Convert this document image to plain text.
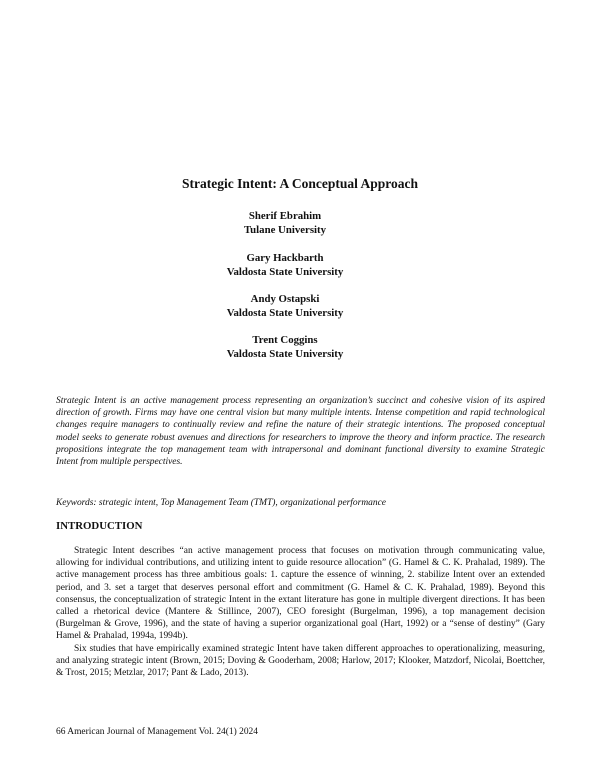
Strategic Intent: A Conceptual Approach
Sherif Ebrahim
Tulane University
Gary Hackbarth
Valdosta State University
Andy Ostapski
Valdosta State University
Trent Coggins
Valdosta State University
Strategic Intent is an active management process representing an organization’s succinct and cohesive vision of its aspired direction of growth. Firms may have one central vision but many multiple intents. Intense competition and rapid technological changes require managers to continually review and refine the nature of their strategic intentions. The proposed conceptual model seeks to generate robust avenues and directions for researchers to improve the theory and inform practice. The research propositions integrate the top management team with intrapersonal and dominant functional diversity to examine Strategic Intent from multiple perspectives.
Keywords: strategic intent, Top Management Team (TMT), organizational performance
INTRODUCTION

Strategic Intent describes “an active management process that focuses on motivation through communicating value, allowing for individual contributions, and utilizing intent to guide resource allocation” (G. Hamel & C. K. Prahalad, 1989). The active management process has three ambitious goals: 1. capture the essence of winning, 2. stabilize Intent over an extended period, and 3. set a target that deserves personal effort and commitment (G. Hamel & C. K. Prahalad, 1989). Beyond this consensus, the conceptualization of strategic Intent in the extant literature has gone in multiple divergent directions. It has been called a rhetorical device (Mantere & Stillince, 2007), CEO foresight (Burgelman, 1996), a top management decision (Burgelman & Grove, 1996), and the state of having a superior organizational goal (Hart, 1992) or a “sense of destiny” (Gary Hamel & Prahalad, 1994a, 1994b).

Six studies that have empirically examined strategic Intent have taken different approaches to operationalizing, measuring, and analyzing strategic intent (Brown, 2015; Doving & Gooderham, 2008; Harlow, 2017; Klooker, Matzdorf, Nicolai, Boettcher, & Trost, 2015; Metzlar, 2017; Pant & Lado, 2013).

66 American Journal of Management Vol. 24(1) 2024
